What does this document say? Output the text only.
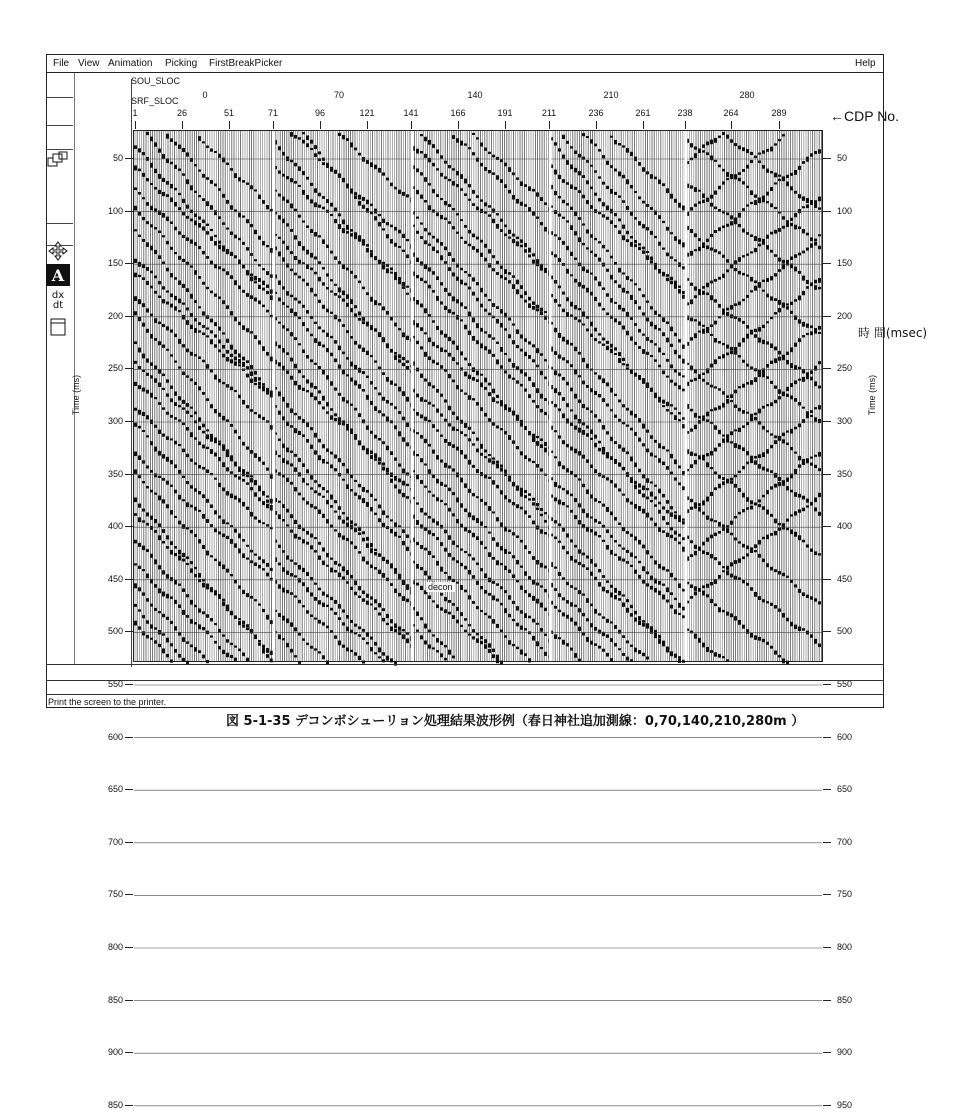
File View Animation Picking FirstBreakPicker	Help
SOU_SLOC
SRF_SLOC
0	70	140	210	280
1	26	51	71	96	121	141	166	191	211	236	261	238	264	289	←CDP No.
50
100
150
200
250
300
350
400
450
500
550
600
650
700
750
800
850
900
850
50
100
150
200
250
300
350
400
450
500
550
600
650
700
750
800
850
900
950
Time (ms)	Time (ms)
時 間(msec)
decon
A
dx
dt
Print the screen to the printer.
図 5-1-35 デコンボシューリョン処理結果波形例（春日神社追加測線：0,70,140,210,280m ）
